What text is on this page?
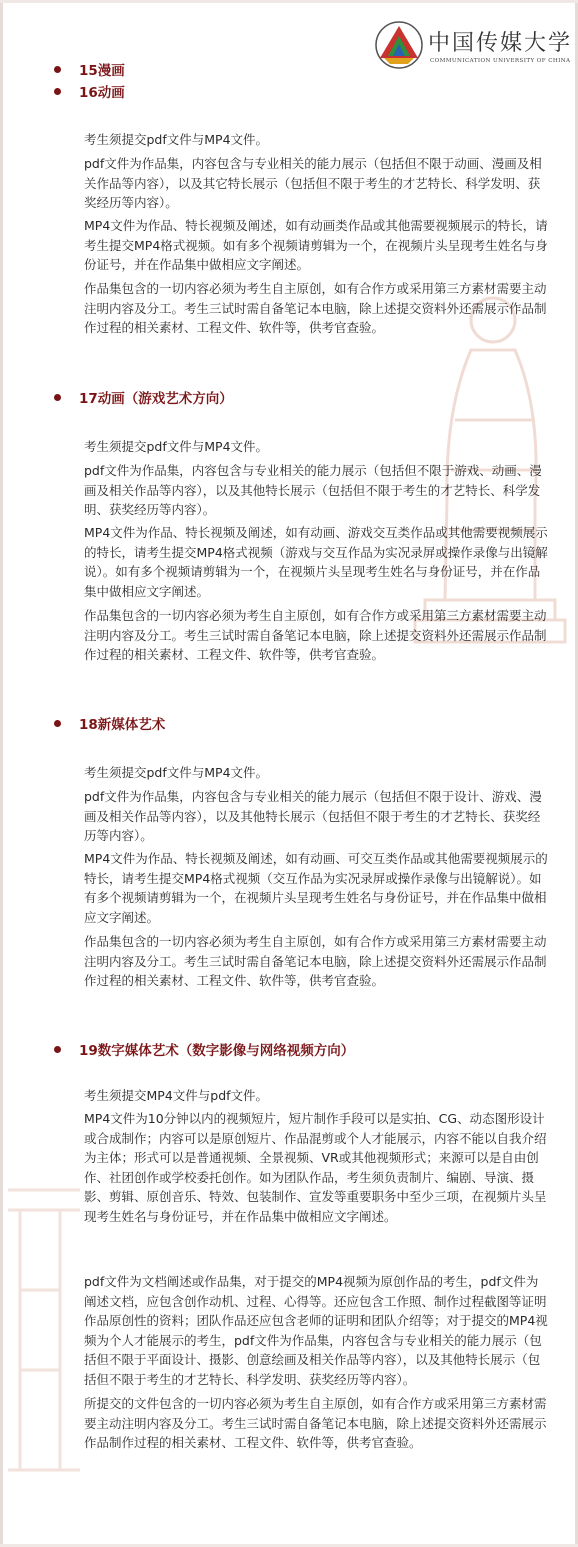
中国传媒大学
COMMUNICATION UNIVERSITY OF CHINA
15漫画
16动画
考生须提交pdf文件与MP4文件。
pdf文件为作品集，内容包含与专业相关的能力展示（包括但不限于动画、漫画及相关作品等内容），以及其它特长展示（包括但不限于考生的才艺特长、科学发明、获奖经历等内容）。
MP4文件为作品、特长视频及阐述，如有动画类作品或其他需要视频展示的特长，请考生提交MP4格式视频。如有多个视频请剪辑为一个，在视频片头呈现考生姓名与身份证号，并在作品集中做相应文字阐述。
作品集包含的一切内容必须为考生自主原创，如有合作方或采用第三方素材需要主动注明内容及分工。考生三试时需自备笔记本电脑，除上述提交资料外还需展示作品制作过程的相关素材、工程文件、软件等，供考官查验。
17动画（游戏艺术方向）
考生须提交pdf文件与MP4文件。
pdf文件为作品集，内容包含与专业相关的能力展示（包括但不限于游戏、动画、漫画及相关作品等内容），以及其他特长展示（包括但不限于考生的才艺特长、科学发明、获奖经历等内容）。
MP4文件为作品、特长视频及阐述，如有动画、游戏交互类作品或其他需要视频展示的特长，请考生提交MP4格式视频（游戏与交互作品为实况录屏或操作录像与出镜解说）。如有多个视频请剪辑为一个，在视频片头呈现考生姓名与身份证号，并在作品集中做相应文字阐述。
作品集包含的一切内容必须为考生自主原创，如有合作方或采用第三方素材需要主动注明内容及分工。考生三试时需自备笔记本电脑，除上述提交资料外还需展示作品制作过程的相关素材、工程文件、软件等，供考官查验。
18新媒体艺术
考生须提交pdf文件与MP4文件。
pdf文件为作品集，内容包含与专业相关的能力展示（包括但不限于设计、游戏、漫画及相关作品等内容），以及其他特长展示（包括但不限于考生的才艺特长、获奖经历等内容）。
MP4文件为作品、特长视频及阐述，如有动画、可交互类作品或其他需要视频展示的特长，请考生提交MP4格式视频（交互作品为实况录屏或操作录像与出镜解说）。如有多个视频请剪辑为一个，在视频片头呈现考生姓名与身份证号，并在作品集中做相应文字阐述。
作品集包含的一切内容必须为考生自主原创，如有合作方或采用第三方素材需要主动注明内容及分工。考生三试时需自备笔记本电脑，除上述提交资料外还需展示作品制作过程的相关素材、工程文件、软件等，供考官查验。
19数字媒体艺术（数字影像与网络视频方向）
考生须提交MP4文件与pdf文件。
MP4文件为10分钟以内的视频短片，短片制作手段可以是实拍、CG、动态图形设计或合成制作；内容可以是原创短片、作品混剪或个人才能展示，内容不能以自我介绍为主体；形式可以是普通视频、全景视频、VR或其他视频形式；来源可以是自由创作、社团创作或学校委托创作。如为团队作品，考生须负责制片、编剧、导演、摄影、剪辑、原创音乐、特效、包装制作、宣发等重要职务中至少三项，在视频片头呈现考生姓名与身份证号，并在作品集中做相应文字阐述。
pdf文件为文档阐述或作品集，对于提交的MP4视频为原创作品的考生，pdf文件为阐述文档，应包含创作动机、过程、心得等。还应包含工作照、制作过程截图等证明作品原创性的资料；团队作品还应包含老师的证明和团队介绍等；对于提交的MP4视频为个人才能展示的考生，pdf文件为作品集，内容包含与专业相关的能力展示（包括但不限于平面设计、摄影、创意绘画及相关作品等内容），以及其他特长展示（包括但不限于考生的才艺特长、科学发明、获奖经历等内容）。
所提交的文件包含的一切内容必须为考生自主原创，如有合作方或采用第三方素材需要主动注明内容及分工。考生三试时需自备笔记本电脑，除上述提交资料外还需展示作品制作过程的相关素材、工程文件、软件等，供考官查验。
